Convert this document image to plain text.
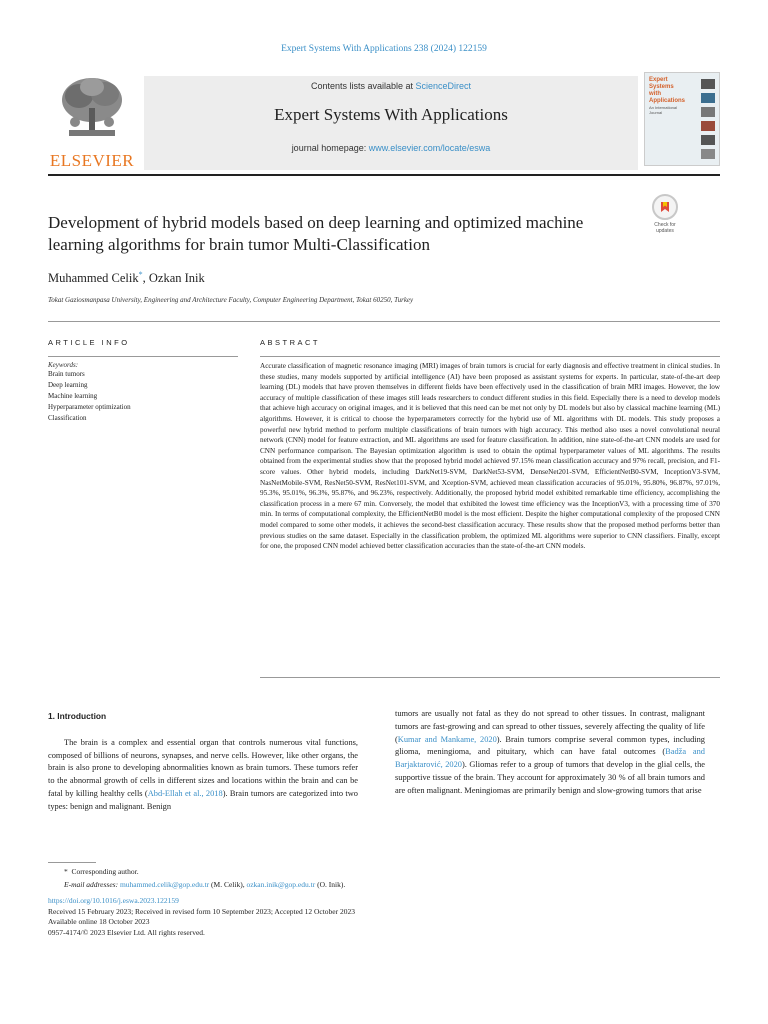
Expert Systems With Applications 238 (2024) 122159
ELSEVIER
Contents lists available at ScienceDirect
Expert Systems With Applications
journal homepage: www.elsevier.com/locate/eswa
Expert
Systems
with
Applications
An International Journal
Development of hybrid models based on deep learning and optimized machine learning algorithms for brain tumor Multi-Classification
Check for
updates
Muhammed Celik*, Ozkan Inik
Tokat Gaziosmanpasa University, Engineering and Architecture Faculty, Computer Engineering Department, Tokat 60250, Turkey
ARTICLE INFO
Keywords:
Brain tumors
Deep learning
Machine learning
Hyperparameter optimization
Classification
ABSTRACT
Accurate classification of magnetic resonance imaging (MRI) images of brain tumors is crucial for early diagnosis and effective treatment in clinical studies. In these studies, many models supported by artificial intelligence (AI) have been proposed as assistant systems for experts. In particular, state-of-the-art deep learning (DL) models that have proven themselves in different fields have been effectively used in the classification of brain MRI images. However, the low accuracy of multiple classification of these images still leads researchers to conduct different studies in this field. Especially there is a need to develop models that achieve high accuracy on original images, and it is believed that this need can be met not only by DL models but also by classical machine learning (ML) algorithms. However, it is critical to choose the hyperparameters correctly for the hybrid use of ML algorithms with DL models. This study proposes a powerful new hybrid method to perform multiple classifications of brain tumors with high accuracy. This method also uses a novel convolutional neural network (CNN) model for feature extraction, and ML algorithms are used for feature classification. In addition, nine state-of-the-art CNN models are used for CNN performance comparison. The Bayesian optimization algorithm is used to obtain the optimal hyperparameter values of ML algorithms. The results obtained from the experimental studies show that the proposed hybrid model achieved 97.15% mean classification accuracy and 97% recall, precision, and F1-score values. Other hybrid models, including DarkNet19-SVM, DarkNet53-SVM, DenseNet201-SVM, EfficientNetB0-SVM, InceptionV3-SVM, NasNetMobile-SVM, ResNet50-SVM, ResNet101-SVM, and Xception-SVM, achieved mean classification accuracies of 95.01%, 95.80%, 96.87%, 97.01%, 95.3%, 95.01%, 96.3%, 95.87%, and 96.23%, respectively. Additionally, the proposed hybrid model exhibited remarkable time efficiency, accomplishing the classification process in a mere 67 min. Conversely, the model that exhibited the lowest time efficiency was the InceptionV3, with a processing time of 370 min. In terms of computational complexity, the EfficientNetB0 model is the most efficient. Despite the higher computational complexity of the proposed CNN model compared to some other models, it achieves the second-best classification accuracy. These results show that the proposed method performs better than previous studies on the same dataset. Especially in the classification problem, the optimized ML algorithms were superior to CNN classifiers. Finally, except for one, the proposed CNN model achieved better classification accuracies than the state-of-the-art CNN models.
1. Introduction
The brain is a complex and essential organ that controls numerous vital functions, composed of billions of neurons, synapses, and nerve cells. However, like other organs, the brain is also prone to developing abnormalities known as brain tumors. These tumors refer to the abnormal growth of cells in different sizes and locations within the brain and can be fatal by killing healthy cells (Abd-Ellah et al., 2018). Brain tumors are categorized into two types: benign and malignant. Benign
tumors are usually not fatal as they do not spread to other tissues. In contrast, malignant tumors are fast-growing and can spread to other tissues, severely affecting the quality of life (Kumar and Mankame, 2020). Brain tumors comprise several common types, including glioma, meningioma, and pituitary, which can have fatal outcomes (Badža and Barjaktarović, 2020). Gliomas refer to a group of tumors that develop in the glial cells, the supportive tissue of the brain. They account for approximately 30 % of all brain tumors and are often malignant. Meningiomas are primarily benign and slow-growing tumors that arise
* Corresponding author.
E-mail addresses: muhammed.celik@gop.edu.tr (M. Celik), ozkan.inik@gop.edu.tr (O. Inik).
https://doi.org/10.1016/j.eswa.2023.122159
Received 15 February 2023; Received in revised form 10 September 2023; Accepted 12 October 2023
Available online 18 October 2023
0957-4174/© 2023 Elsevier Ltd. All rights reserved.
